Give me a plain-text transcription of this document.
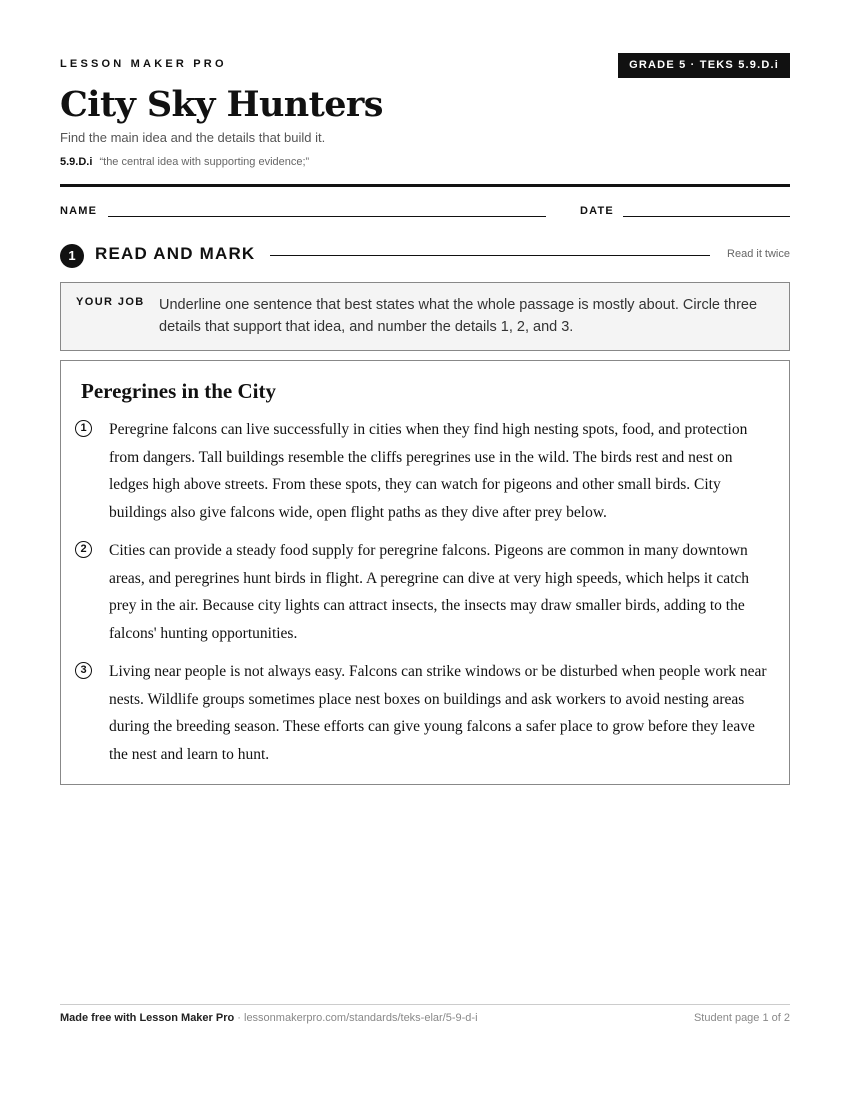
LESSON MAKER PRO	GRADE 5 · TEKS 5.9.D.i
City Sky Hunters
Find the main idea and the details that build it.
5.9.D.i “the central idea with supporting evidence;”
NAME	DATE
1	READ AND MARK	Read it twice
YOUR JOB Underline one sentence that best states what the whole passage is mostly about. Circle three details that support that idea, and number the details 1, 2, and 3.
Peregrines in the City
1	Peregrine falcons can live successfully in cities when they find high nesting spots, food, and protection from dangers. Tall buildings resemble the cliffs peregrines use in the wild. The birds rest and nest on ledges high above streets. From these spots, they can watch for pigeons and other small birds. City buildings also give falcons wide, open flight paths as they dive after prey below.

2	Cities can provide a steady food supply for peregrine falcons. Pigeons are common in many downtown areas, and peregrines hunt birds in flight. A peregrine can dive at very high speeds, which helps it catch prey in the air. Because city lights can attract insects, the insects may draw smaller birds, adding to the falcons' hunting opportunities.

3	Living near people is not always easy. Falcons can strike windows or be disturbed when people work near nests. Wildlife groups sometimes place nest boxes on buildings and ask workers to avoid nesting areas during the breeding season. These efforts can give young falcons a safer place to grow before they leave the nest and learn to hunt.

Made free with Lesson Maker Pro · lessonmakerpro.com/standards/teks-elar/5-9-d-i	Student page 1 of 2
